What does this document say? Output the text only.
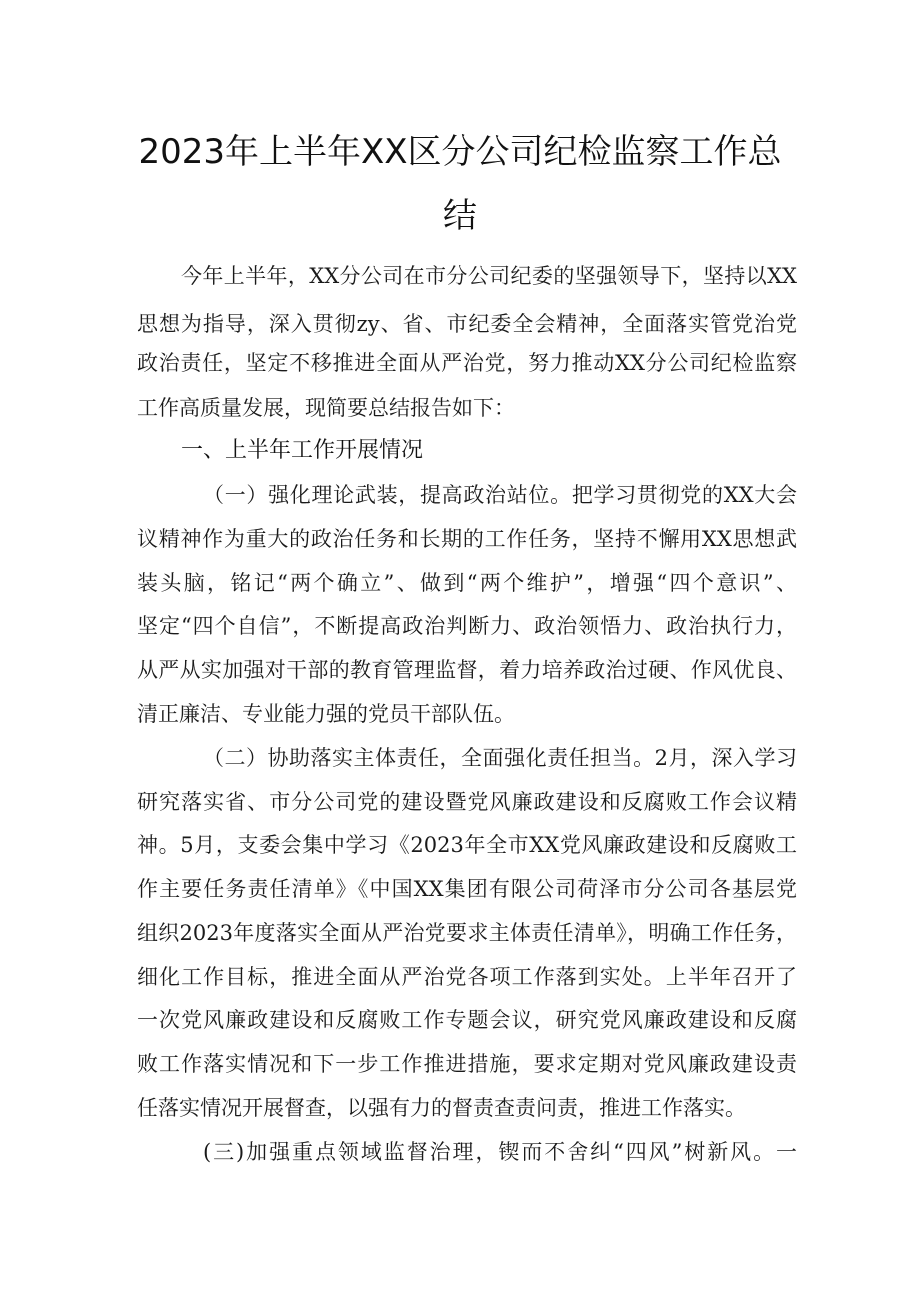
2023年上半年XX区分公司纪检监察工作总
结
今年上半年，XX分公司在市分公司纪委的坚强领导下，坚持以XX
思想为指导，深入贯彻zy、省、市纪委全会精神，全面落实管党治党
政治责任，坚定不移推进全面从严治党，努力推动XX分公司纪检监察
工作高质量发展，现简要总结报告如下：
一、上半年工作开展情况
（一）强化理论武装，提高政治站位。把学习贯彻党的XX大会
议精神作为重大的政治任务和长期的工作任务，坚持不懈用XX思想武
装头脑，铭记“两个确立”、做到“两个维护”，增强“四个意识”、
坚定“四个自信”，不断提高政治判断力、政治领悟力、政治执行力，
从严从实加强对干部的教育管理监督，着力培养政治过硬、作风优良、
清正廉洁、专业能力强的党员干部队伍。
（二）协助落实主体责任，全面强化责任担当。2月，深入学习
研究落实省、市分公司党的建设暨党风廉政建设和反腐败工作会议精
神。5月，支委会集中学习《2023年全市XX党风廉政建设和反腐败工
作主要任务责任清单》《中国XX集团有限公司荷泽市分公司各基层党
组织2023年度落实全面从严治党要求主体责任清单》，明确工作任务，
细化工作目标，推进全面从严治党各项工作落到实处。上半年召开了
一次党风廉政建设和反腐败工作专题会议，研究党风廉政建设和反腐
败工作落实情况和下一步工作推进措施，要求定期对党风廉政建设责
任落实情况开展督查，以强有力的督责查责问责，推进工作落实。
(三)加强重点领域监督治理，锲而不舍纠“四风”树新风。一
